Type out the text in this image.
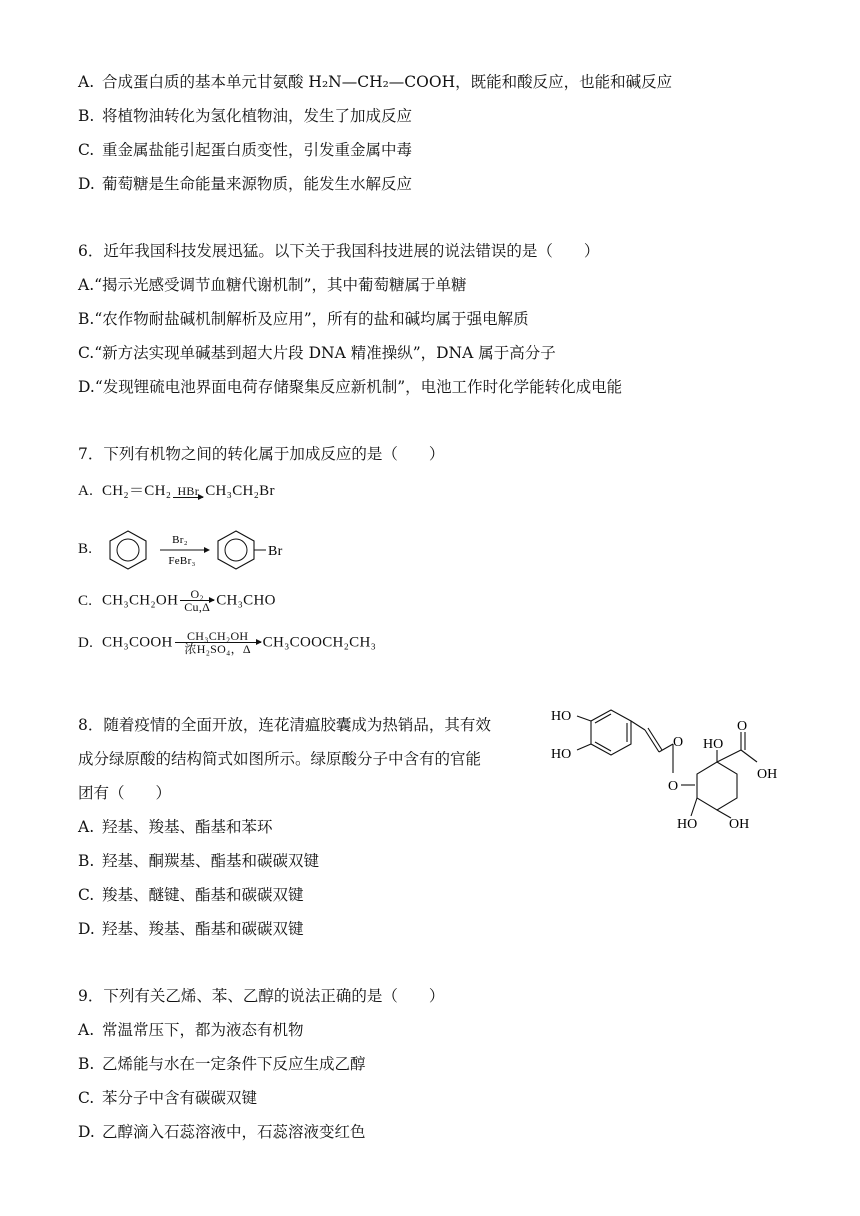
A. 合成蛋白质的基本单元甘氨酸 H₂N—CH₂—COOH，既能和酸反应，也能和碱反应
B. 将植物油转化为氢化植物油，发生了加成反应
C. 重金属盐能引起蛋白质变性，引发重金属中毒
D. 葡萄糖是生命能量来源物质，能发生水解反应
6．近年我国科技发展迅猛。以下关于我国科技进展的说法错误的是（　　）
A.“揭示光感受调节血糖代谢机制”，其中葡萄糖属于单糖
B.“农作物耐盐碱机制解析及应用”，所有的盐和碱均属于强电解质
C.“新方法实现单碱基到超大片段 DNA 精准操纵”，DNA 属于高分子
D.“发现锂硫电池界面电荷存储聚集反应新机制”，电池工作时化学能转化成电能
7．下列有机物之间的转化属于加成反应的是（　　）
A. CH₂＝CH₂ HBr CH₃CH₂Br
B.
Br₂
FeBr₃
Br
C. $CH_3CH_2OH \frac{\text{O₂}}{Cu,\Delta} CH_3CHO$
D. CH₃COOH	CH₃CH₂OH
浓H₂SO₄，Δ CH₃COOCH₂CH₃
8．随着疫情的全面开放，连花清瘟胶囊成为热销品，其有效
成分绿原酸的结构简式如图所示。绿原酸分子中含有的官能
团有（　　）
A. 羟基、羧基、酯基和苯环
B. 羟基、酮羰基、酯基和碳碳双键
C. 羧基、醚键、酯基和碳碳双键
D. 羟基、羧基、酯基和碳碳双键
HO
HO
O
O
HO
O
OH
HO OH
9．下列有关乙烯、苯、乙醇的说法正确的是（　　）
A. 常温常压下，都为液态有机物
B. 乙烯能与水在一定条件下反应生成乙醇
C. 苯分子中含有碳碳双键
D. 乙醇滴入石蕊溶液中，石蕊溶液变红色
